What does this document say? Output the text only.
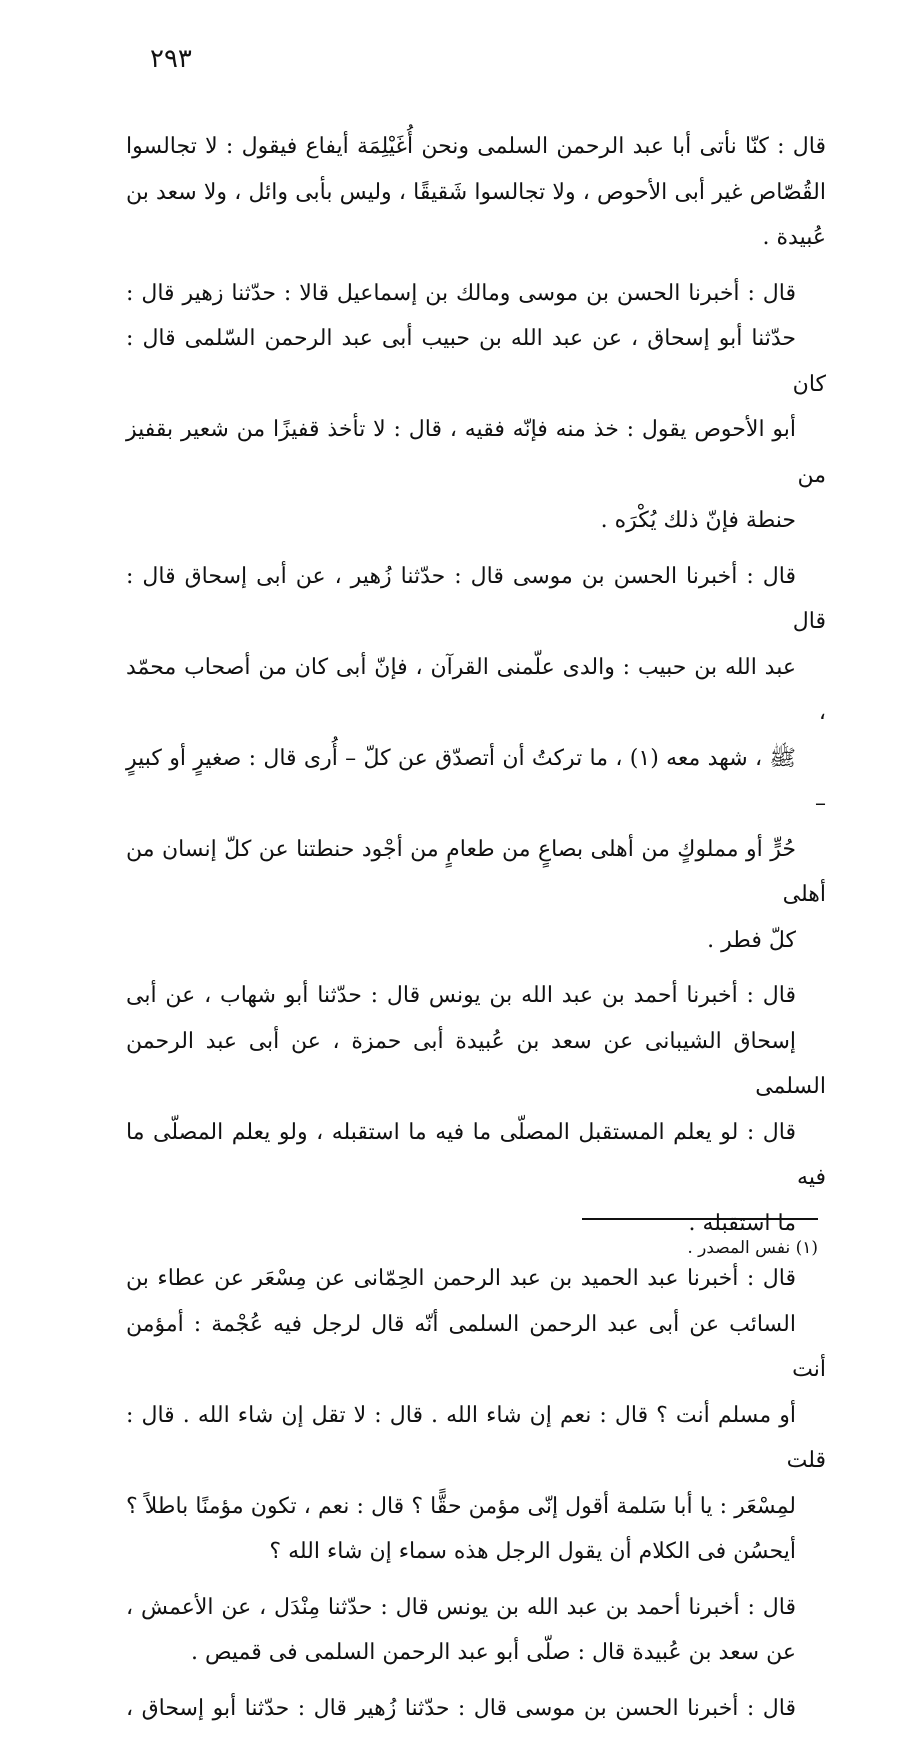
٢٩٣

قال : كنّا نأتى أبا عبد الرحمن السلمى ونحن أُغَيْلِمَة أيفاع فيقول : لا تجالسوا
القُصّاص غير أبى الأحوص ، ولا تجالسوا شَقيقًا ، وليس بأبى وائل ، ولا سعد بن
عُبيدة .

قال : أخبرنا الحسن بن موسى ومالك بن إسماعيل قالا : حدّثنا زهير قال :
حدّثنا أبو إسحاق ، عن عبد الله بن حبيب أبى عبد الرحمن السّلمى قال : كان
أبو الأحوص يقول : خذ منه فإنّه فقيه ، قال : لا تأخذ قفيزًا من شعير بقفيز من
حنطة فإنّ ذلك يُكْرَه .

قال : أخبرنا الحسن بن موسى قال : حدّثنا زُهير ، عن أبى إسحاق قال : قال
عبد الله بن حبيب : والدى علّمنى القرآن ، فإنّ أبى كان من أصحاب محمّد ،
ﷺ ، شهد معه (١) ، ما تركتُ أن أتصدّق عن كلّ – أُرى قال : صغيرٍ أو كبيرٍ –
حُرٍّ أو مملوكٍ من أهلى بصاعٍ من طعامٍ من أجْود حنطتنا عن كلّ إنسان من أهلى
كلّ فطر .

قال : أخبرنا أحمد بن عبد الله بن يونس قال : حدّثنا أبو شهاب ، عن أبى
إسحاق الشيبانى عن سعد بن عُبيدة أبى حمزة ، عن أبى عبد الرحمن السلمى
قال : لو يعلم المستقبل المصلّى ما فيه ما استقبله ، ولو يعلم المصلّى ما فيه
ما استقبله .

قال : أخبرنا عبد الحميد بن عبد الرحمن الحِمّانى عن مِسْعَر عن عطاء بن
السائب عن أبى عبد الرحمن السلمى أنّه قال لرجل فيه عُجْمة : أمؤمن أنت
أو مسلم أنت ؟ قال : نعم إن شاء الله . قال : لا تقل إن شاء الله . قال : قلت
لمِسْعَر : يا أبا سَلمة أقول إنّى مؤمن حقًّا ؟ قال : نعم ، تكون مؤمنًا باطلاً ؟
أيحسُن فى الكلام أن يقول الرجل هذه سماء إن شاء الله ؟

قال : أخبرنا أحمد بن عبد الله بن يونس قال : حدّثنا مِنْدَل ، عن الأعمش ،
عن سعد بن عُبيدة قال : صلّى أبو عبد الرحمن السلمى فى قميص .

قال : أخبرنا الحسن بن موسى قال : حدّثنا زُهير قال : حدّثنا أبو إسحاق ،

(١) نفس المصدر .
